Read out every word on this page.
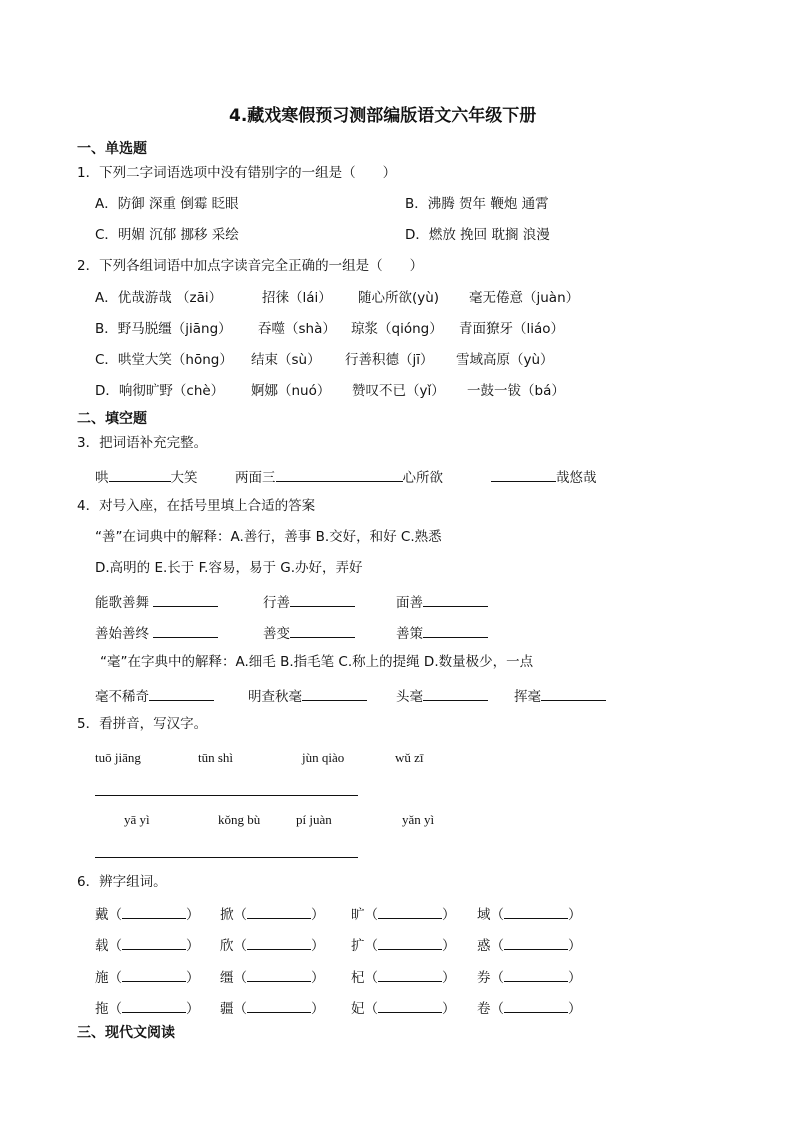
4.藏戏寒假预习测部编版语文六年级下册
一、单选题
1．下列二字词语选项中没有错别字的一组是（　　）
A．防御 深重 倒霉 眨眼	B．沸腾 贺年 鞭炮 通霄
C．明媚 沉郁 挪移 采绘	D．燃放 挽回 耽搁 浪漫
2．下列各组词语中加点字读音完全正确的一组是（　　）
A．优哉游哉 （zāi）	招徕（lái） 随心所欲(yù) 毫无倦意（juàn）
B．野马脱缰（jiāng） 吞噬（shà） 琼浆（qióng） 青面獠牙（liáo）
C．哄堂大笑（hōng） 结束（sù） 行善积德（jī） 雪域高原（yù）
D．响彻旷野（chè） 婀娜（nuó） 赞叹不已（yǐ） 一鼓一钹（bá）
二、填空题
3．把词语补充完整。
哄	大笑	两面三	心所欲	哉悠哉
4．对号入座，在括号里填上合适的答案
“善”在词典中的解释：A.善行，善事 B.交好，和好 C.熟悉
D.高明的 E.长于 F.容易，易于 G.办好，弄好
能歌善舞	行善	面善
善始善终	善变	善策
“毫”在字典中的解释：A.细毛 B.指毛笔 C.称上的提绳 D.数量极少，一点
毫不稀奇	明查秋毫	头毫	挥毫
5．看拼音，写汉字。
tuō jiāng	tūn shì	jùn qiào	wǔ zī
yā yì	kǒng bù	pí juàn	yǎn yì
6．辨字组词。
戴（	） 掀（	） 旷（	） 域（	）
载（	） 欣（	） 扩（	） 惑（	）
施（	） 缰（	） 杞（	） 券（	）
拖（	） 疆（	） 妃（	） 卷（	）
三、现代文阅读
